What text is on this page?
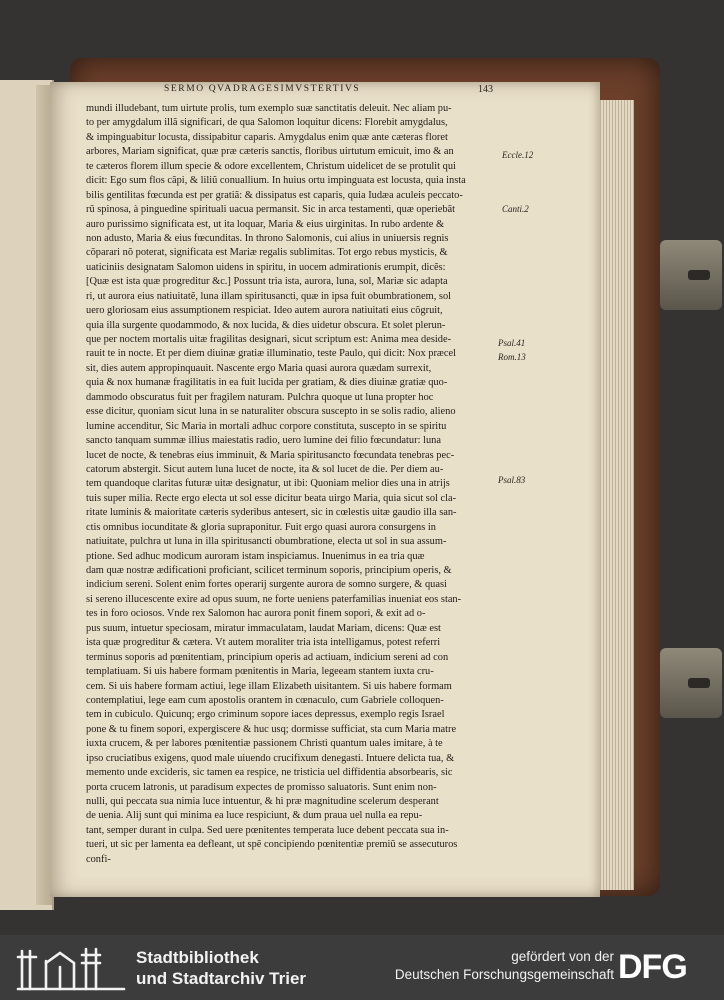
SERMO QVADRAGESIMVSTERTIVS	143
mundi illudebant, tum uirtute prolis, tum exemplo suæ sanctitatis deleuit. Nec aliam pu-
to per amygdalum illã significari, de qua Salomon loquitur dicens: Florebit amygdalus,
& impinguabitur locusta, dissipabitur caparis. Amygdalus enim quæ ante cæteras floret
arbores, Mariam significat, quæ præ cæteris sanctis, floribus uirtutum emicuit, imo & an
te cæteros florem illum specie & odore excellentem, Christum uidelicet de se protulit qui
dicit: Ego sum flos cãpi, & liliũ conuallium. In huius ortu impinguata est locusta, quia insta
bilis gentilitas fœcunda est per gratiã: & dissipatus est caparis, quia Iudæa aculeis peccato-
rũ spinosa, à pinguedine spirituali uacua permansit. Sic in arca testamenti, quæ operiebãt
auro purissimo significata est, ut ita loquar, Maria & eius uirginitas. In rubo ardente &
non adusto, Maria & eius fœcunditas. In throno Salomonis, cui alius in uniuersis regnis
cõparari nõ poterat, significata est Mariæ regalis sublimitas. Tot ergo rebus mysticis, &
uaticiniis designatam Salomon uidens in spiritu, in uocem admirationis erumpit, dicẽs:
[Quæ est ista quæ progreditur &c.] Possunt tria ista, aurora, luna, sol, Mariæ sic adapta
ri, ut aurora eius natiuitatẽ, luna illam spiritusancti, quæ in ipsa fuit obumbrationem, sol
uero gloriosam eius assumptionem respiciat. Ideo autem aurora natiuitati eius cõgruit,
quia illa surgente quodammodo, & nox lucida, & dies uidetur obscura. Et solet plerun-
que per noctem mortalis uitæ fragilitas designari, sicut scriptum est: Anima mea deside-
rauit te in nocte. Et per diem diuinæ gratiæ illuminatio, teste Paulo, qui dicit: Nox præcel
sit, dies autem appropinquauit. Nascente ergo Maria quasi aurora quædam surrexit,
quia & nox humanæ fragilitatis in ea fuit lucida per gratiam, & dies diuinæ gratiæ quo-
dammodo obscuratus fuit per fragilem naturam. Pulchra quoque ut luna propter hoc
esse dicitur, quoniam sicut luna in se naturaliter obscura suscepto in se solis radio, alieno
lumine accenditur, Sic Maria in mortali adhuc corpore constituta, suscepto in se spiritu
sancto tanquam summæ illius maiestatis radio, uero lumine dei filio fœcundatur: luna
lucet de nocte, & tenebras eius imminuit, & Maria spiritusancto fœcundata tenebras pec-
catorum abstergit. Sicut autem luna lucet de nocte, ita & sol lucet de die. Per diem au-
tem quandoque claritas futuræ uitæ designatur, ut ibi: Quoniam melior dies una in atrijs
tuis super milia. Recte ergo electa ut sol esse dicitur beata uirgo Maria, quia sicut sol cla-
ritate luminis & maioritate cæteris syderibus antesert, sic in cœlestis uitæ gaudio illa san-
ctis omnibus iocunditate & gloria supraponitur. Fuit ergo quasi aurora consurgens in
natiuitate, pulchra ut luna in illa spiritusancti obumbratione, electa ut sol in sua assum-
ptione. Sed adhuc modicum auroram istam inspiciamus. Inuenimus in ea tria quæ
dam quæ nostræ ædificationi proficiant, scilicet terminum soporis, principium operis, &
indicium sereni. Solent enim fortes operarij surgente aurora de somno surgere, & quasi
si sereno illucescente exire ad opus suum, ne forte ueniens paterfamilias inueniat eos stan-
tes in foro ociosos. Vnde rex Salomon hac aurora ponit finem sopori, & exit ad o-
pus suum, intuetur speciosam, miratur immaculatam, laudat Mariam, dicens: Quæ est
ista quæ progreditur & cætera. Vt autem moraliter tria ista intelligamus, potest referri
terminus soporis ad pœnitentiam, principium operis ad actiuam, indicium sereni ad con
templatiuam. Si uis habere formam pœnitentis in Maria, legeeam stantem iuxta cru-
cem. Si uis habere formam actiui, lege illam Elizabeth uisitantem. Si uis habere formam
contemplatiui, lege eam cum apostolis orantem in cœnaculo, cum Gabriele colloquen-
tem in cubiculo. Quicunq; ergo criminum sopore iaces depressus, exemplo regis Israel
pone & tu finem sopori, expergiscere & huc usq; dormisse sufficiat, sta cum Maria matre
iuxta crucem, & per labores pœnitentiæ passionem Christi quantum uales imitare, à te
ipso cruciatibus exigens, quod male uiuendo crucifixum denegasti. Intuere delicta tua, &
memento unde excideris, sic tamen ea respice, ne tristicia uel diffidentia absorbearis, sic
porta crucem latronis, ut paradisum expectes de promisso saluatoris. Sunt enim non-
nulli, qui peccata sua nimia luce intuentur, & hi præ magnitudine scelerum desperant
de uenia. Alij sunt qui minima ea luce respiciunt, & dum praua uel nulla ea repu-
tant, semper durant in culpa. Sed uere pœnitentes temperata luce debent peccata sua in-
tueri, ut sic per lamenta ea defleant, ut spẽ concipiendo pœnitentiæ premiũ se assecuturos
confi-
Eccle.12
Canti.2
Psal.41
Rom.13
Psal.83
Stadtbibliothek
und Stadtarchiv Trier
gefördert von der
Deutschen Forschungsgemeinschaft DFG
